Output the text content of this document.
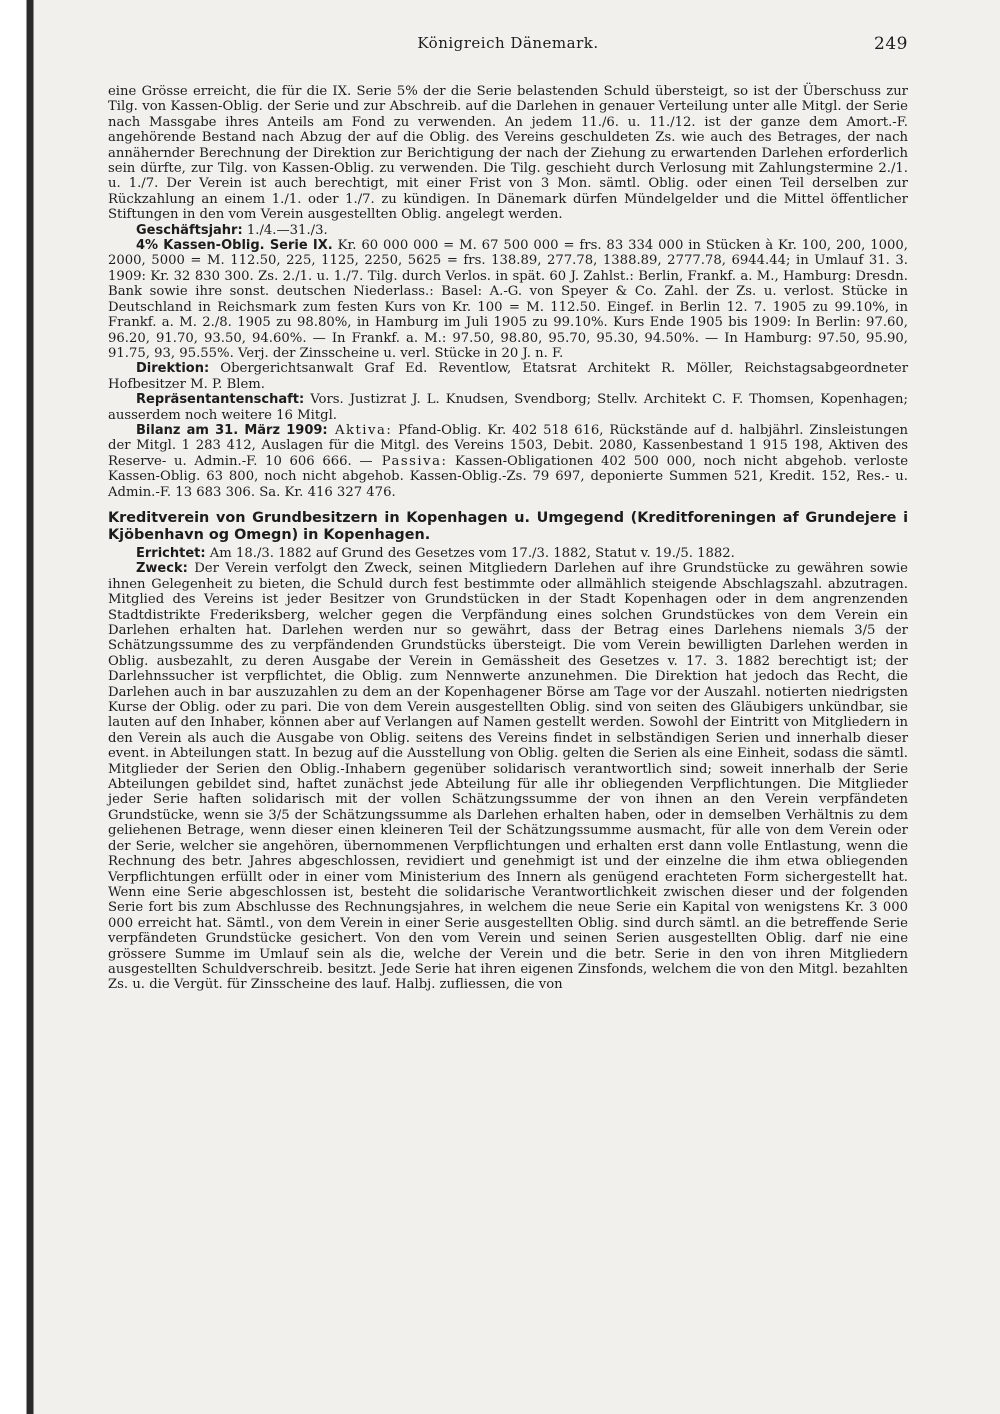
Königreich Dänemark.	249

eine Grösse erreicht, die für die IX. Serie 5% der die Serie belastenden Schuld übersteigt, so ist der Überschuss zur Tilg. von Kassen-Oblig. der Serie und zur Abschreib. auf die Darlehen in genauer Verteilung unter alle Mitgl. der Serie nach Massgabe ihres Anteils am Fond zu verwenden. An jedem 11./6. u. 11./12. ist der ganze dem Amort.-F. angehörende Bestand nach Abzug der auf die Oblig. des Vereins geschuldeten Zs. wie auch des Betrages, der nach annähernder Berechnung der Direktion zur Berichtigung der nach der Ziehung zu erwartenden Darlehen erforderlich sein dürfte, zur Tilg. von Kassen-Oblig. zu verwenden. Die Tilg. geschieht durch Verlosung mit Zahlungstermine 2./1. u. 1./7. Der Verein ist auch berechtigt, mit einer Frist von 3 Mon. sämtl. Oblig. oder einen Teil derselben zur Rückzahlung an einem 1./1. oder 1./7. zu kündigen. In Dänemark dürfen Mündelgelder und die Mittel öffentlicher Stiftungen in den vom Verein ausgestellten Oblig. angelegt werden.

Geschäftsjahr: 1./4.—31./3.

4% Kassen-Oblig. Serie IX. Kr. 60 000 000 = M. 67 500 000 = frs. 83 334 000 in Stücken à Kr. 100, 200, 1000, 2000, 5000 = M. 112.50, 225, 1125, 2250, 5625 = frs. 138.89, 277.78, 1388.89, 2777.78, 6944.44; in Umlauf 31. 3. 1909: Kr. 32 830 300. Zs. 2./1. u. 1./7. Tilg. durch Verlos. in spät. 60 J. Zahlst.: Berlin, Frankf. a. M., Hamburg: Dresdn. Bank sowie ihre sonst. deutschen Niederlass.: Basel: A.-G. von Speyer & Co. Zahl. der Zs. u. verlost. Stücke in Deutschland in Reichsmark zum festen Kurs von Kr. 100 = M. 112.50. Eingef. in Berlin 12. 7. 1905 zu 99.10%, in Frankf. a. M. 2./8. 1905 zu 98.80%, in Hamburg im Juli 1905 zu 99.10%. Kurs Ende 1905 bis 1909: In Berlin: 97.60, 96.20, 91.70, 93.50, 94.60%. — In Frankf. a. M.: 97.50, 98.80, 95.70, 95.30, 94.50%. — In Hamburg: 97.50, 95.90, 91.75, 93, 95.55%. Verj. der Zinsscheine u. verl. Stücke in 20 J. n. F.

Direktion: Obergerichtsanwalt Graf Ed. Reventlow, Etatsrat Architekt R. Möller, Reichstagsabgeordneter Hofbesitzer M. P. Blem.

Repräsentantenschaft: Vors. Justizrat J. L. Knudsen, Svendborg; Stellv. Architekt C. F. Thomsen, Kopenhagen; ausserdem noch weitere 16 Mitgl.

Bilanz am 31. März 1909: Aktiva: Pfand-Oblig. Kr. 402 518 616, Rückstände auf d. halbjährl. Zinsleistungen der Mitgl. 1 283 412, Auslagen für die Mitgl. des Vereins 1503, Debit. 2080, Kassenbestand 1 915 198, Aktiven des Reserve- u. Admin.-F. 10 606 666. — Passiva: Kassen-Obligationen 402 500 000, noch nicht abgehob. verloste Kassen-Oblig. 63 800, noch nicht abgehob. Kassen-Oblig.-Zs. 79 697, deponierte Summen 521, Kredit. 152, Res.- u. Admin.-F. 13 683 306. Sa. Kr. 416 327 476.

Kreditverein von Grundbesitzern in Kopenhagen u. Umgegend (Kreditforeningen af Grundejere i Kjöbenhavn og Omegn) in Kopenhagen.

Errichtet: Am 18./3. 1882 auf Grund des Gesetzes vom 17./3. 1882, Statut v. 19./5. 1882.

Zweck: Der Verein verfolgt den Zweck, seinen Mitgliedern Darlehen auf ihre Grundstücke zu gewähren sowie ihnen Gelegenheit zu bieten, die Schuld durch fest bestimmte oder allmählich steigende Abschlagszahl. abzutragen. Mitglied des Vereins ist jeder Besitzer von Grundstücken in der Stadt Kopenhagen oder in dem angrenzenden Stadtdistrikte Frederiksberg, welcher gegen die Verpfändung eines solchen Grundstückes von dem Verein ein Darlehen erhalten hat. Darlehen werden nur so gewährt, dass der Betrag eines Darlehens niemals 3/5 der Schätzungssumme des zu verpfändenden Grundstücks übersteigt. Die vom Verein bewilligten Darlehen werden in Oblig. ausbezahlt, zu deren Ausgabe der Verein in Gemässheit des Gesetzes v. 17. 3. 1882 berechtigt ist; der Darlehnssucher ist verpflichtet, die Oblig. zum Nennwerte anzunehmen. Die Direktion hat jedoch das Recht, die Darlehen auch in bar auszuzahlen zu dem an der Kopenhagener Börse am Tage vor der Auszahl. notierten niedrigsten Kurse der Oblig. oder zu pari. Die von dem Verein ausgestellten Oblig. sind von seiten des Gläubigers unkündbar, sie lauten auf den Inhaber, können aber auf Verlangen auf Namen gestellt werden. Sowohl der Eintritt von Mitgliedern in den Verein als auch die Ausgabe von Oblig. seitens des Vereins findet in selbständigen Serien und innerhalb dieser event. in Abteilungen statt. In bezug auf die Ausstellung von Oblig. gelten die Serien als eine Einheit, sodass die sämtl. Mitglieder der Serien den Oblig.-Inhabern gegenüber solidarisch verantwortlich sind; soweit innerhalb der Serie Abteilungen gebildet sind, haftet zunächst jede Abteilung für alle ihr obliegenden Verpflichtungen. Die Mitglieder jeder Serie haften solidarisch mit der vollen Schätzungssumme der von ihnen an den Verein verpfändeten Grundstücke, wenn sie 3/5 der Schätzungssumme als Darlehen erhalten haben, oder in demselben Verhältnis zu dem geliehenen Betrage, wenn dieser einen kleineren Teil der Schätzungssumme ausmacht, für alle von dem Verein oder der Serie, welcher sie angehören, übernommenen Verpflichtungen und erhalten erst dann volle Entlastung, wenn die Rechnung des betr. Jahres abgeschlossen, revidiert und genehmigt ist und der einzelne die ihm etwa obliegenden Verpflichtungen erfüllt oder in einer vom Ministerium des Innern als genügend erachteten Form sichergestellt hat. Wenn eine Serie abgeschlossen ist, besteht die solidarische Verantwortlichkeit zwischen dieser und der folgenden Serie fort bis zum Abschlusse des Rechnungsjahres, in welchem die neue Serie ein Kapital von wenigstens Kr. 3 000 000 erreicht hat. Sämtl., von dem Verein in einer Serie ausgestellten Oblig. sind durch sämtl. an die betreffende Serie verpfändeten Grundstücke gesichert. Von den vom Verein und seinen Serien ausgestellten Oblig. darf nie eine grössere Summe im Umlauf sein als die, welche der Verein und die betr. Serie in den von ihren Mitgliedern ausgestellten Schuldverschreib. besitzt. Jede Serie hat ihren eigenen Zinsfonds, welchem die von den Mitgl. bezahlten Zs. u. die Vergüt. für Zinsscheine des lauf. Halbj. zufliessen, die von
